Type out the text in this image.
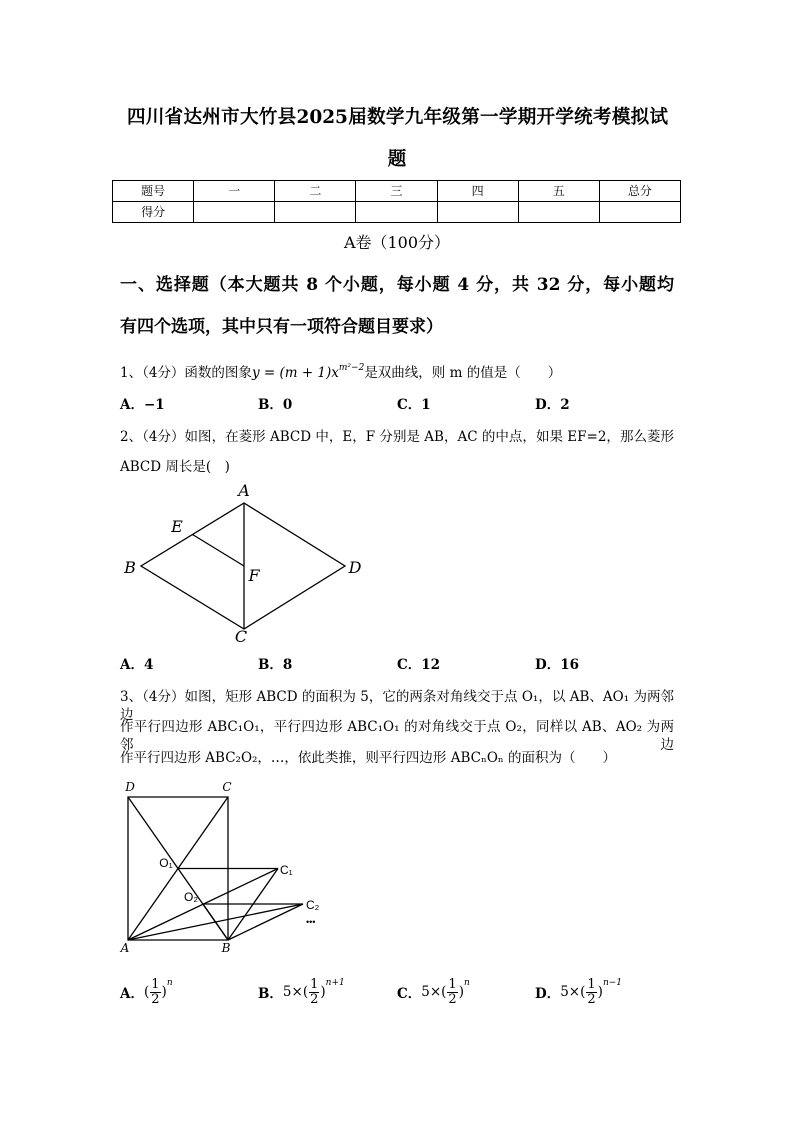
四川省达州市大竹县2025届数学九年级第一学期开学统考模拟试
题
题号	一	二	三	四	五	总分
得分						
A卷（100分）
一、选择题（本大题共 8 个小题，每小题 4 分，共 32 分，每小题均
有四个选项，其中只有一项符合题目要求）
1、（4分）函数的图象$y = (m + 1)x^{m^2-2}$是双曲线，则 m 的值是（　　）
A．−1	B．0	C．1	D．2
2、（4分）如图，在菱形 ABCD 中，E，F 分别是 AB，AC 的中点，如果 EF=2，那么菱形
ABCD 周长是(　)
A
B
C
D
E
F
A．4	B．8	C．12	D．16
3、（4分）如图，矩形 ABCD 的面积为 5，它的两条对角线交于点 O₁，以 AB、AO₁ 为两邻边
作平行四边形 ABC₁O₁，平行四边形 ABC₁O₁ 的对角线交于点 O₂，同样以 AB、AO₂ 为两邻边
作平行四边形 ABC₂O₂，…，依此类推，则平行四边形 ABCₙOₙ 的面积为（　　）
D	C
O₁	C₁
O₂
C₂
•••
A	B
A． ( $\frac{1}{2}$ )
n
B． $5\times( \frac{1}{2}$ )
n+1
C． $5\times( \frac{1}{2}$ )
n
D． $5\times( \frac{1}{2}$ )
n−1
